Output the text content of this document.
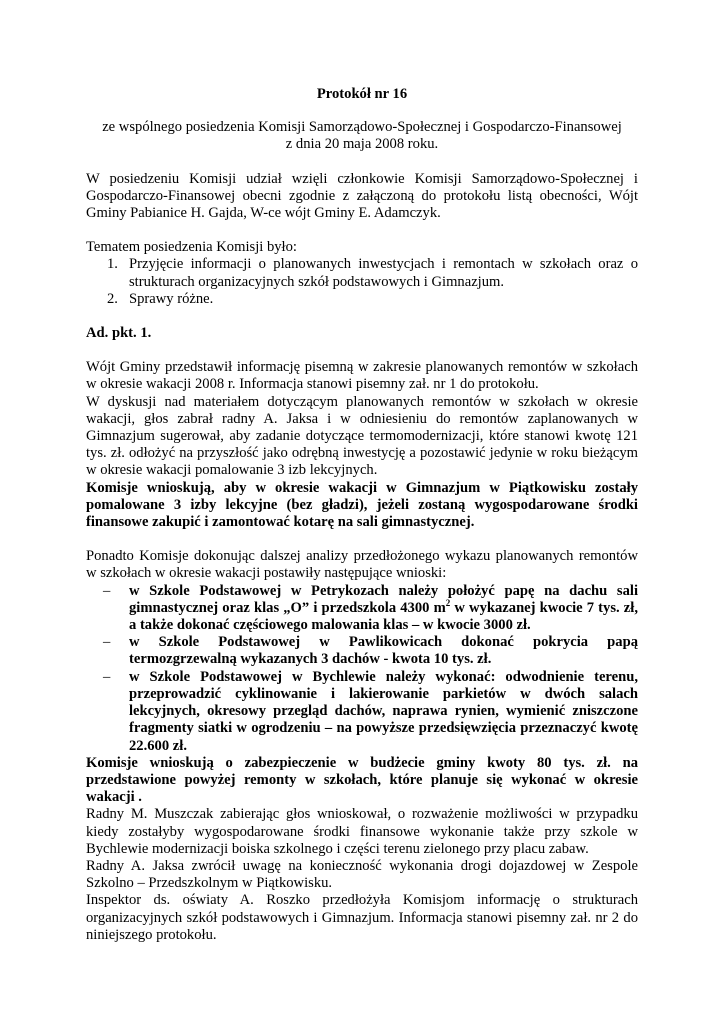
Protokół nr 16

ze wspólnego posiedzenia Komisji Samorządowo-Społecznej i Gospodarczo-Finansowej
z dnia 20 maja 2008 roku.

W posiedzeniu Komisji udział wzięli członkowie Komisji Samorządowo-Społecznej i Gospodarczo-Finansowej obecni zgodnie z załączoną do protokołu listą obecności, Wójt Gminy Pabianice H. Gajda, W-ce wójt Gminy E. Adamczyk.

Tematem posiedzenia Komisji było:

1. Przyjęcie informacji o planowanych inwestycjach i remontach w szkołach oraz o strukturach organizacyjnych szkół podstawowych i Gimnazjum.
2. Sprawy różne.

Ad. pkt. 1.

Wójt Gminy przedstawił informację pisemną w zakresie planowanych remontów w szkołach w okresie wakacji 2008 r. Informacja stanowi pisemny zał. nr 1 do protokołu.

W dyskusji nad materiałem dotyczącym planowanych remontów w szkołach w okresie wakacji, głos zabrał radny A. Jaksa i w odniesieniu do remontów zaplanowanych w Gimnazjum sugerował, aby zadanie dotyczące termomodernizacji, które stanowi kwotę 121 tys. zł. odłożyć na przyszłość jako odrębną inwestycję a pozostawić jedynie w roku bieżącym w okresie wakacji pomalowanie 3 izb lekcyjnych.

Komisje wnioskują, aby w okresie wakacji w Gimnazjum w Piątkowisku zostały pomalowane 3 izby lekcyjne (bez gładzi), jeżeli zostaną wygospodarowane środki finansowe zakupić i zamontować kotarę na sali gimnastycznej.

Ponadto Komisje dokonując dalszej analizy przedłożonego wykazu planowanych remontów w szkołach w okresie wakacji postawiły następujące wnioski:

– w Szkole Podstawowej w Petrykozach należy położyć papę na dachu sali gimnastycznej oraz klas „O” i przedszkola 4300 $m^2$ w wykazanej kwocie 7 tys. zł, a także dokonać częściowego malowania klas – w kwocie 3000 zł.
– w Szkole Podstawowej w Pawlikowicach dokonać pokrycia papą termozgrzewalną wykazanych 3 dachów - kwota 10 tys. zł.
– w Szkole Podstawowej w Bychlewie należy wykonać: odwodnienie terenu, przeprowadzić cyklinowanie i lakierowanie parkietów w dwóch salach lekcyjnych, okresowy przegląd dachów, naprawa rynien, wymienić zniszczone fragmenty siatki w ogrodzeniu – na powyższe przedsięwzięcia przeznaczyć kwotę 22.600 zł.

Komisje wnioskują o zabezpieczenie w budżecie gminy kwoty 80 tys. zł. na przedstawione powyżej remonty w szkołach, które planuje się wykonać w okresie wakacji .

Radny M. Muszczak zabierając głos wnioskował, o rozważenie możliwości w przypadku kiedy zostałyby wygospodarowane środki finansowe wykonanie także przy szkole w Bychlewie modernizacji boiska szkolnego i części terenu zielonego przy placu zabaw.

Radny A. Jaksa zwrócił uwagę na konieczność wykonania drogi dojazdowej w Zespole Szkolno – Przedszkolnym w Piątkowisku.

Inspektor ds. oświaty A. Roszko przedłożyła Komisjom informację o strukturach organizacyjnych szkół podstawowych i Gimnazjum. Informacja stanowi pisemny zał. nr 2 do niniejszego protokołu.
